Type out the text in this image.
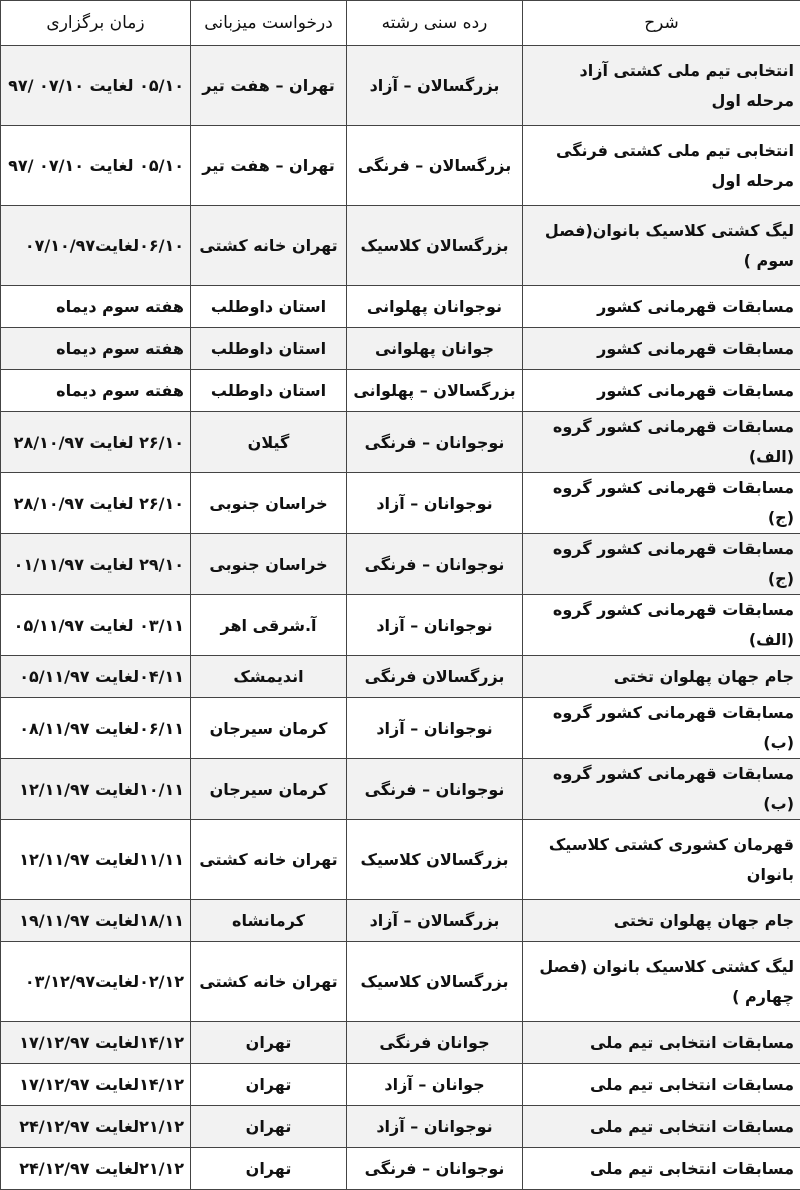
شرح	رده سنی رشته	درخواست میزبانی	زمان برگزاری
انتخابی تیم ملی کشتی آزاد مرحله اول	بزرگسالان – آزاد	تهران – هفت تیر	۰۵/۱۰ لغایت ۰۷/۱۰ /۹۷
انتخابی تیم ملی کشتی فرنگی مرحله اول	بزرگسالان – فرنگی	تهران – هفت تیر	۰۵/۱۰ لغایت ۰۷/۱۰ /۹۷
لیگ کشتی کلاسیک بانوان(فصل سوم )	بزرگسالان کلاسیک	تهران خانه کشتی	۰۶/۱۰لغایت۰۷/۱۰/۹۷
مسابقات قهرمانی کشور	نوجوانان پهلوانی	استان داوطلب	هفته سوم دیماه
مسابقات قهرمانی کشور	جوانان پهلوانی	استان داوطلب	هفته سوم دیماه
مسابقات قهرمانی کشور	بزرگسالان – پهلوانی	استان داوطلب	هفته سوم دیماه
مسابقات قهرمانی کشور گروه (الف)	نوجوانان – فرنگی	گیلان	۲۶/۱۰ لغایت ۲۸/۱۰/۹۷
مسابقات قهرمانی کشور گروه (ج)	نوجوانان – آزاد	خراسان جنوبی	۲۶/۱۰ لغایت ۲۸/۱۰/۹۷
مسابقات قهرمانی کشور گروه (ج)	نوجوانان – فرنگی	خراسان جنوبی	۲۹/۱۰ لغایت ۰۱/۱۱/۹۷
مسابقات قهرمانی کشور گروه (الف)	نوجوانان – آزاد	آ.شرقی اهر	۰۳/۱۱ لغایت ۰۵/۱۱/۹۷
جام جهان پهلوان تختی	بزرگسالان فرنگی	اندیمشک	۰۴/۱۱لغایت ۰۵/۱۱/۹۷
مسابقات قهرمانی کشور گروه (ب)	نوجوانان – آزاد	کرمان سیرجان	۰۶/۱۱لغایت ۰۸/۱۱/۹۷
مسابقات قهرمانی کشور گروه (ب)	نوجوانان – فرنگی	کرمان سیرجان	۱۰/۱۱لغایت ۱۲/۱۱/۹۷
قهرمان کشوری کشتی کلاسیک بانوان	بزرگسالان کلاسیک	تهران خانه کشتی	۱۱/۱۱لغایت ۱۲/۱۱/۹۷
جام جهان پهلوان تختی	بزرگسالان – آزاد	کرمانشاه	۱۸/۱۱لغایت ۱۹/۱۱/۹۷
لیگ کشتی کلاسیک بانوان (فصل چهارم )	بزرگسالان کلاسیک	تهران خانه کشتی	۰۲/۱۲لغایت۰۳/۱۲/۹۷
مسابقات انتخابی تیم ملی	جوانان فرنگی	تهران	۱۴/۱۲لغایت ۱۷/۱۲/۹۷
مسابقات انتخابی تیم ملی	جوانان – آزاد	تهران	۱۴/۱۲لغایت ۱۷/۱۲/۹۷
مسابقات انتخابی تیم ملی	نوجوانان – آزاد	تهران	۲۱/۱۲لغایت ۲۴/۱۲/۹۷
مسابقات انتخابی تیم ملی	نوجوانان – فرنگی	تهران	۲۱/۱۲لغایت ۲۴/۱۲/۹۷
